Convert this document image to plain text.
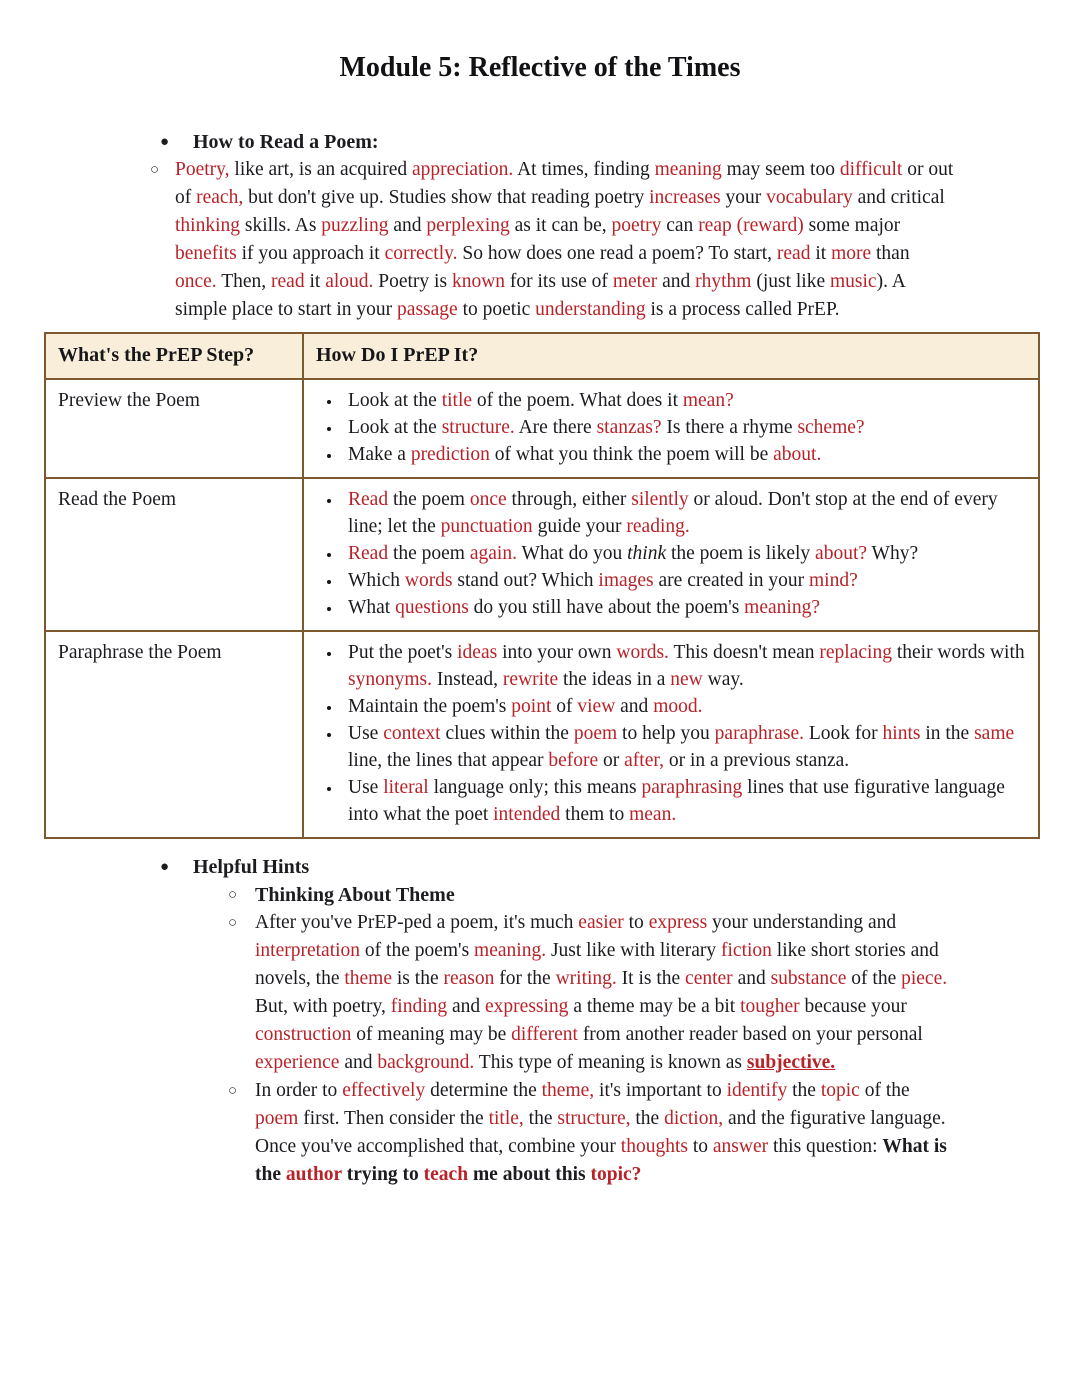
Module 5: Reflective of the Times
●	How to Read a Poem:
○ Poetry, like art, is an acquired appreciation. At times, finding meaning may seem too difficult or out of reach, but don't give up. Studies show that reading poetry increases your vocabulary and critical thinking skills. As puzzling and perplexing as it can be, poetry can reap (reward) some major benefits if you approach it correctly. So how does one read a poem? To start, read it more than once. Then, read it aloud. Poetry is known for its use of meter and rhythm (just like music). A simple place to start in your passage to poetic understanding is a process called PrEP.
What's the PrEP Step?	How Do I PrEP It?
Preview the Poem	
•Look at the title of the poem. What does it mean?
• Look at the structure. Are there stanzas? Is there a rhyme scheme?
• Make a prediction of what you think the poem will be about.

Read the Poem	
•Read the poem once through, either silently or aloud. Don't stop at the end of every line; let the punctuation guide your reading.
• Read the poem again. What do you think the poem is likely about? Why?
• Which words stand out? Which images are created in your mind?
• What questions do you still have about the poem's meaning?

Paraphrase the Poem	
•Put the poet's ideas into your own words. This doesn't mean replacing their words with synonyms. Instead, rewrite the ideas in a new way.
• Maintain the poem's point of view and mood.
• Use context clues within the poem to help you paraphrase. Look for hints in the same line, the lines that appear before or after, or in a previous stanza.
• Use literal language only; this means paraphrasing lines that use figurative language into what the poet intended them to mean.
●	Helpful Hints
○ Thinking About Theme
○ After you've PrEP-ped a poem, it's much easier to express your understanding and interpretation of the poem's meaning. Just like with literary fiction like short stories and novels, the theme is the reason for the writing. It is the center and substance of the piece. But, with poetry, finding and expressing a theme may be a bit tougher because your construction of meaning may be different from another reader based on your personal experience and background. This type of meaning is known as subjective.
○ In order to effectively determine the theme, it's important to identify the topic of the poem first. Then consider the title, the structure, the diction, and the figurative language. Once you've accomplished that, combine your thoughts to answer this question: What is the author trying to teach me about this topic?
